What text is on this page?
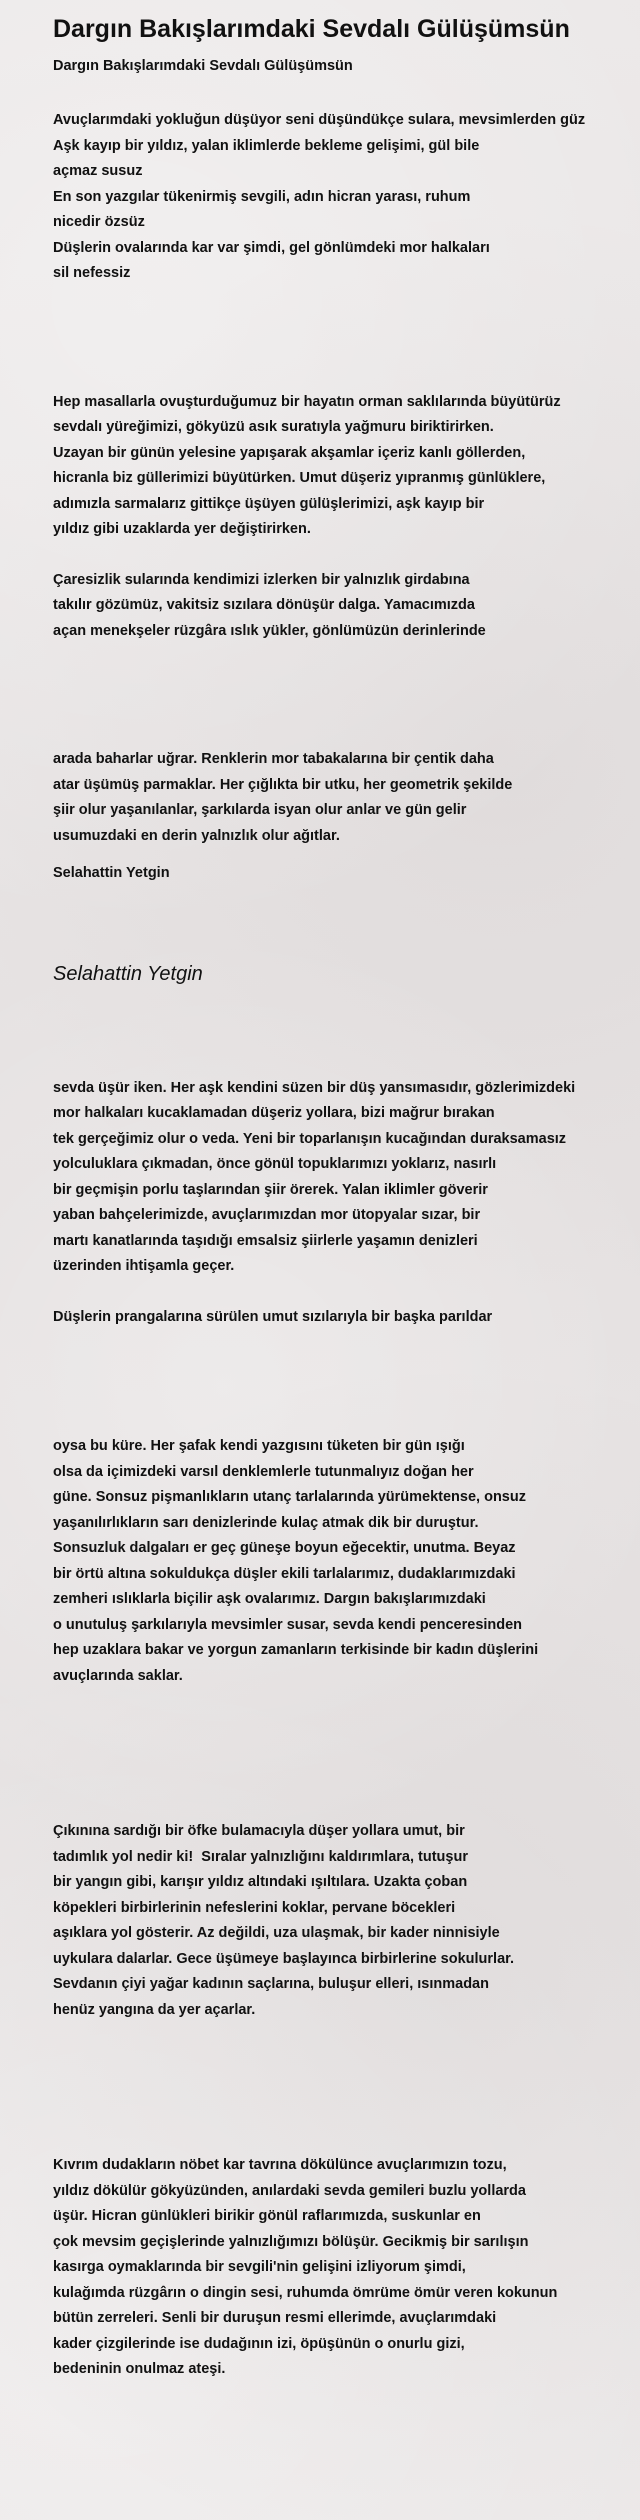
Dargın Bakışlarımdaki Sevdalı Gülüşümsün
Dargın Bakışlarımdaki Sevdalı Gülüşümsün

Avuçlarımdaki yokluğun düşüyor seni düşündükçe sulara, mevsimlerden güz
Aşk kayıp bir yıldız, yalan iklimlerde bekleme gelişimi, gül bile
açmaz susuz
En son yazgılar tükenirmiş sevgili, adın hicran yarası, ruhum
nicedir özsüz
Düşlerin ovalarında kar var şimdi, gel gönlümdeki mor halkaları
sil nefessiz

Hep masallarla ovuşturduğumuz bir hayatın orman saklılarında büyütürüz
sevdalı yüreğimizi, gökyüzü asık suratıyla yağmuru biriktirirken.
Uzayan bir günün yelesine yapışarak akşamlar içeriz kanlı göllerden,
hicranla biz güllerimizi büyütürken. Umut düşeriz yıpranmış günlüklere,
adımızla sarmalarız gittikçe üşüyen gülüşlerimizi, aşk kayıp bir
yıldız gibi uzaklarda yer değiştirirken.

Çaresizlik sularında kendimizi izlerken bir yalnızlık girdabına
takılır gözümüz, vakitsiz sızılara dönüşür dalga. Yamacımızda
açan menekşeler rüzgâra ıslık yükler, gönlümüzün derinlerinde

arada baharlar uğrar. Renklerin mor tabakalarına bir çentik daha
atar üşümüş parmaklar. Her çığlıkta bir utku, her geometrik şekilde
şiir olur yaşanılanlar, şarkılarda isyan olur anlar ve gün gelir
usumuzdaki en derin yalnızlık olur ağıtlar.

Selahattin Yetgin

Selahattin Yetgin

sevda üşür iken. Her aşk kendini süzen bir düş yansımasıdır, gözlerimizdeki
mor halkaları kucaklamadan düşeriz yollara, bizi mağrur bırakan
tek gerçeğimiz olur o veda. Yeni bir toparlanışın kucağından duraksamasız
yolculuklara çıkmadan, önce gönül topuklarımızı yoklarız, nasırlı
bir geçmişin porlu taşlarından şiir örerek. Yalan iklimler göverir
yaban bahçelerimizde, avuçlarımızdan mor ütopyalar sızar, bir
martı kanatlarında taşıdığı emsalsiz şiirlerle yaşamın denizleri
üzerinden ihtişamla geçer.

Düşlerin prangalarına sürülen umut sızılarıyla bir başka parıldar

oysa bu küre. Her şafak kendi yazgısını tüketen bir gün ışığı
olsa da içimizdeki varsıl denklemlerle tutunmalıyız doğan her
güne. Sonsuz pişmanlıkların utanç tarlalarında yürümektense, onsuz
yaşanılırlıkların sarı denizlerinde kulaç atmak dik bir duruştur.
Sonsuzluk dalgaları er geç güneşe boyun eğecektir, unutma. Beyaz
bir örtü altına sokuldukça düşler ekili tarlalarımız, dudaklarımızdaki
zemheri ıslıklarla biçilir aşk ovalarımız. Dargın bakışlarımızdaki
o unutuluş şarkılarıyla mevsimler susar, sevda kendi penceresinden
hep uzaklara bakar ve yorgun zamanların terkisinde bir kadın düşlerini
avuçlarında saklar.

Çıkınına sardığı bir öfke bulamacıyla düşer yollara umut, bir
tadımlık yol nedir ki!  Sıralar yalnızlığını kaldırımlara, tutuşur
bir yangın gibi, karışır yıldız altındaki ışıltılara. Uzakta çoban
köpekleri birbirlerinin nefeslerini koklar, pervane böcekleri
aşıklara yol gösterir. Az değildi, uza ulaşmak, bir kader ninnisiyle
uykulara dalarlar. Gece üşümeye başlayınca birbirlerine sokulurlar.
Sevdanın çiyi yağar kadının saçlarına, buluşur elleri, ısınmadan
henüz yangına da yer açarlar.

Kıvrım dudakların nöbet kar tavrına dökülünce avuçlarımızın tozu,
yıldız dökülür gökyüzünden, anılardaki sevda gemileri buzlu yollarda
üşür. Hicran günlükleri birikir gönül raflarımızda, suskunlar en
çok mevsim geçişlerinde yalnızlığımızı bölüşür. Gecikmiş bir sarılışın
kasırga oymaklarında bir sevgili'nin gelişini izliyorum şimdi,
kulağımda rüzgârın o dingin sesi, ruhumda ömrüme ömür veren kokunun
bütün zerreleri. Senli bir duruşun resmi ellerimde, avuçlarımdaki
kader çizgilerinde ise dudağının izi, öpüşünün o onurlu gizi,
bedeninin onulmaz ateşi.
